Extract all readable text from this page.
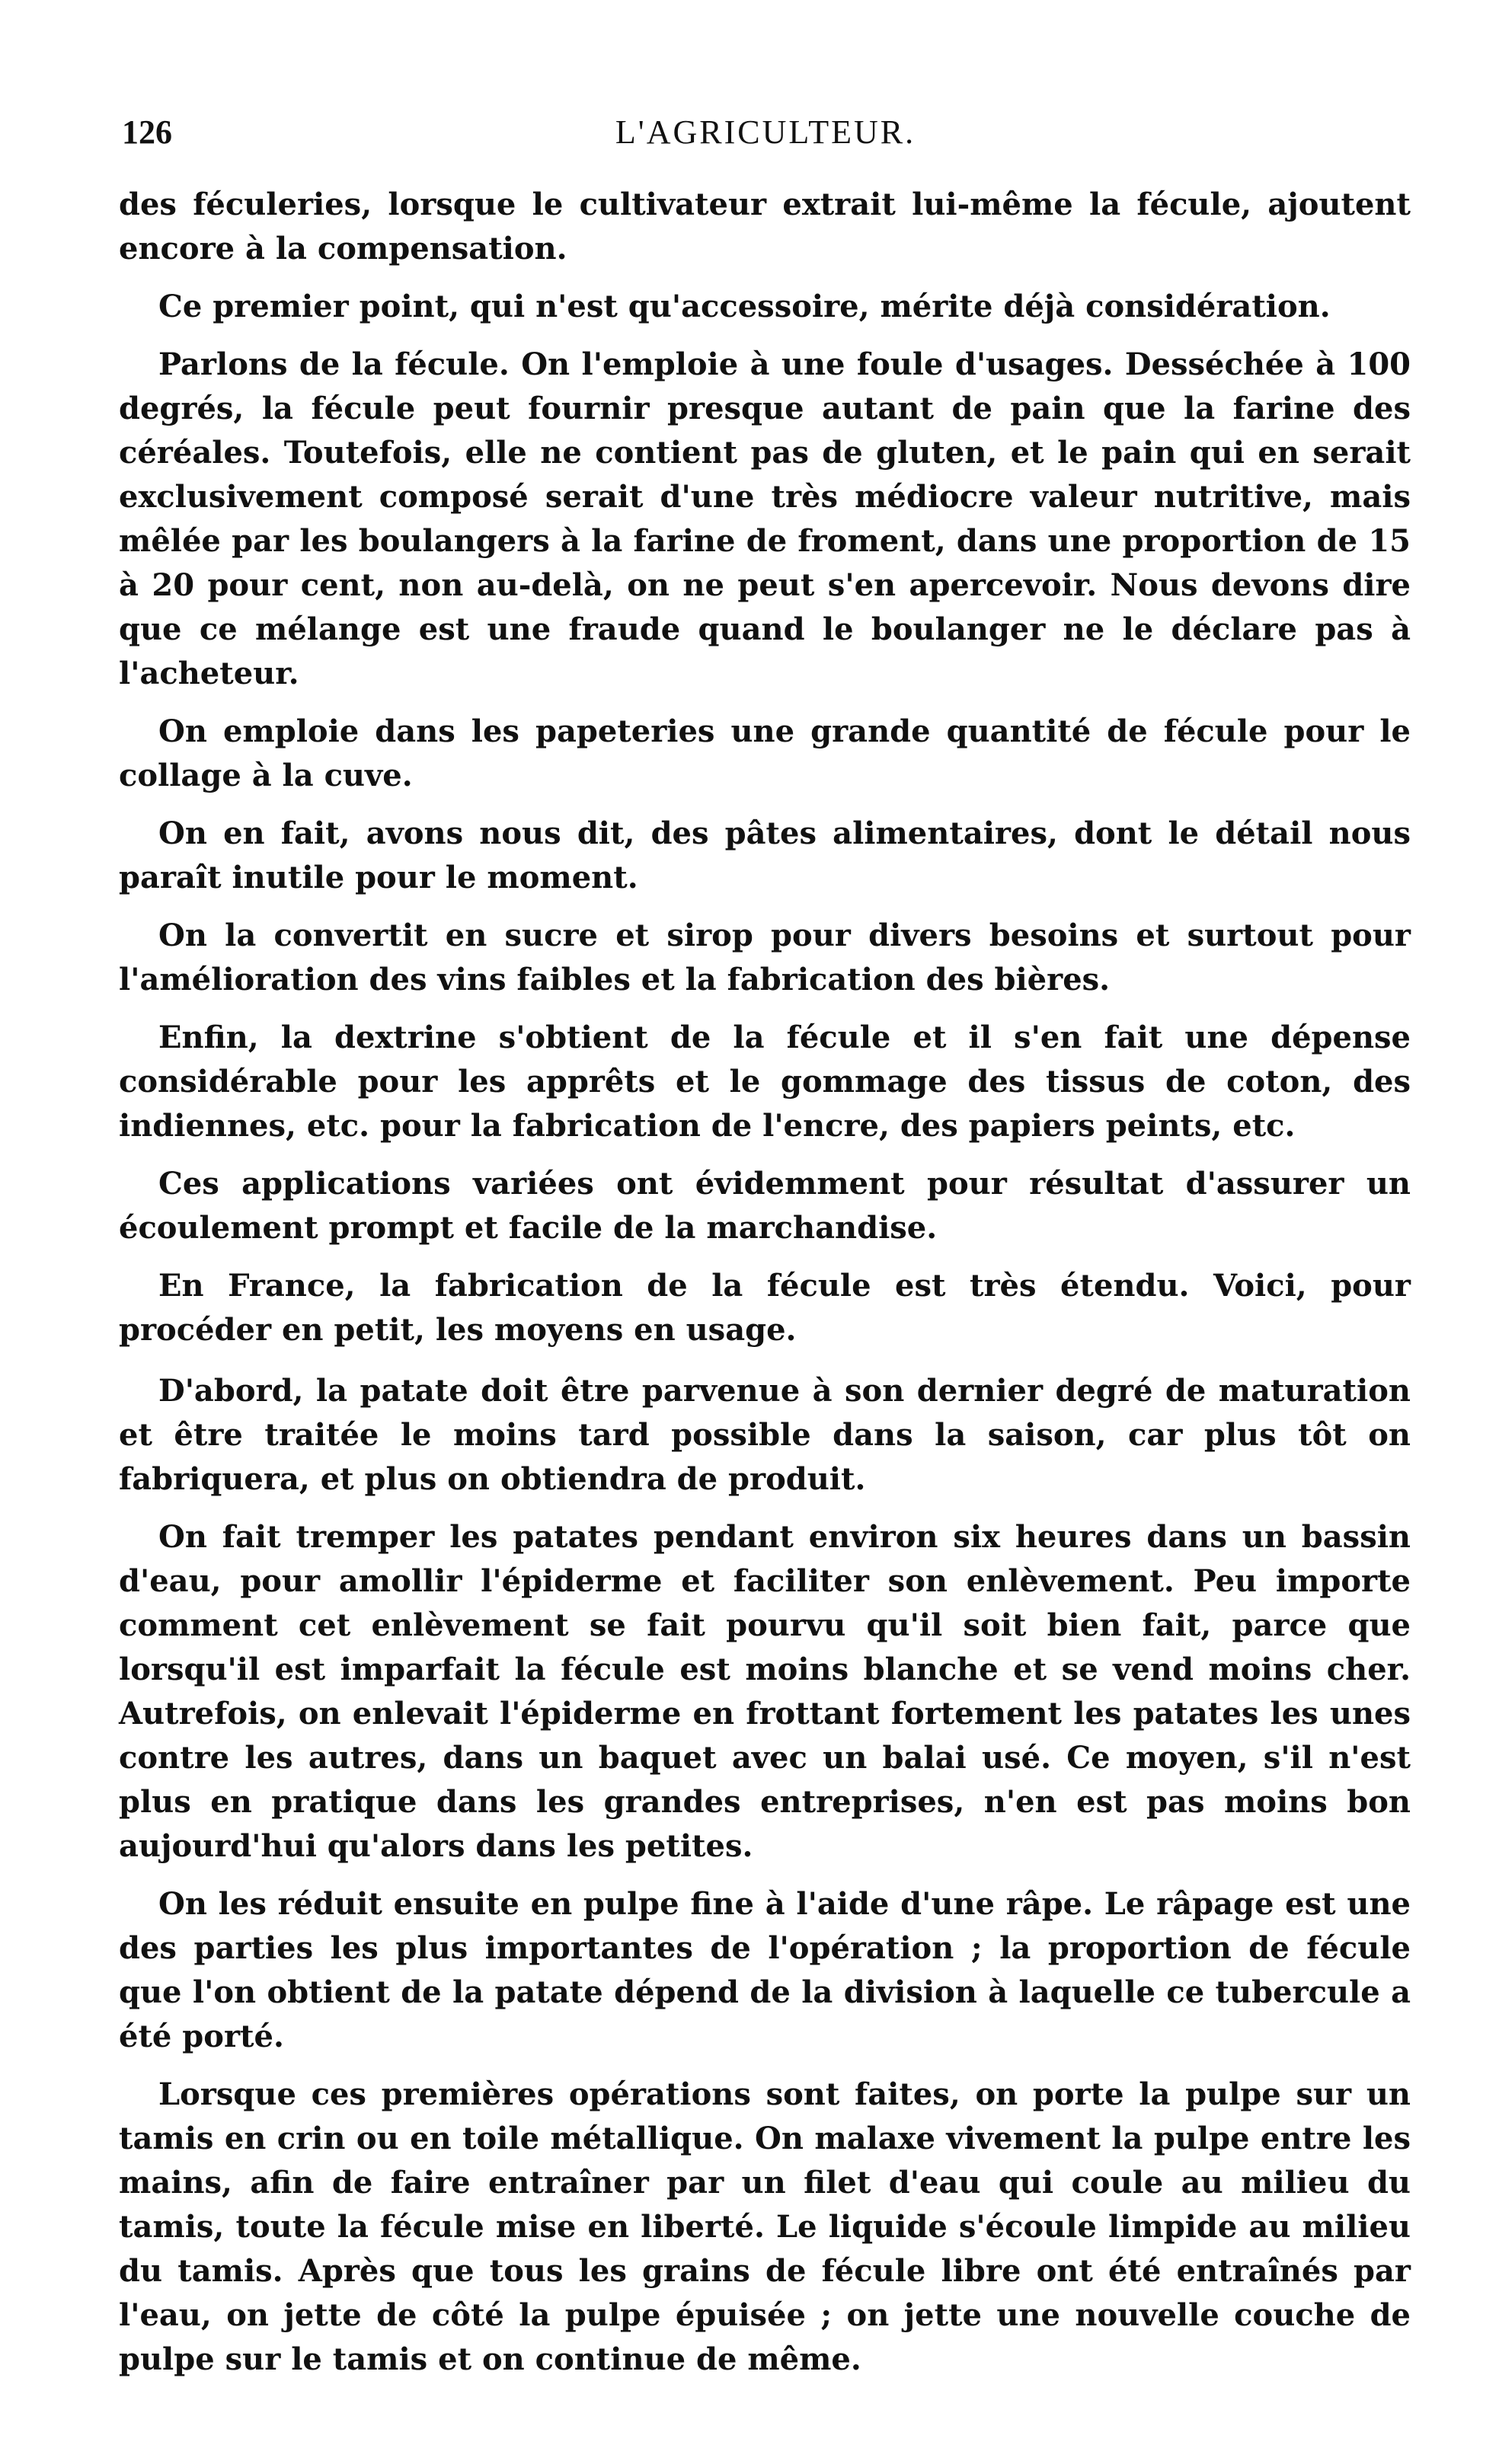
126	L'AGRICULTEUR.

des féculeries, lorsque le cultivateur extrait lui-même la fécule, ajoutent encore à la compensation.

Ce premier point, qui n'est qu'accessoire, mérite déjà considération.

Parlons de la fécule. On l'emploie à une foule d'usages. Desséchée à 100 degrés, la fécule peut fournir presque autant de pain que la farine des céréales. Toutefois, elle ne contient pas de gluten, et le pain qui en serait exclusivement composé serait d'une très médiocre valeur nutritive, mais mêlée par les boulangers à la farine de froment, dans une proportion de 15 à 20 pour cent, non au-delà, on ne peut s'en apercevoir. Nous devons dire que ce mélange est une fraude quand le boulanger ne le déclare pas à l'acheteur.

On emploie dans les papeteries une grande quantité de fécule pour le collage à la cuve.

On en fait, avons nous dit, des pâtes alimentaires, dont le détail nous paraît inutile pour le moment.

On la convertit en sucre et sirop pour divers besoins et surtout pour l'amélioration des vins faibles et la fabrication des bières.

Enfin, la dextrine s'obtient de la fécule et il s'en fait une dépense considérable pour les apprêts et le gommage des tissus de coton, des indiennes, etc. pour la fabrication de l'encre, des papiers peints, etc.

Ces applications variées ont évidemment pour résultat d'assurer un écoulement prompt et facile de la marchandise.

En France, la fabrication de la fécule est très étendu. Voici, pour procéder en petit, les moyens en usage.

D'abord, la patate doit être parvenue à son dernier degré de maturation et être traitée le moins tard possible dans la saison, car plus tôt on fabriquera, et plus on obtiendra de produit.

On fait tremper les patates pendant environ six heures dans un bassin d'eau, pour amollir l'épiderme et faciliter son enlèvement. Peu importe comment cet enlèvement se fait pourvu qu'il soit bien fait, parce que lorsqu'il est imparfait la fécule est moins blanche et se vend moins cher. Autrefois, on enlevait l'épiderme en frottant fortement les patates les unes contre les autres, dans un baquet avec un balai usé. Ce moyen, s'il n'est plus en pratique dans les grandes entreprises, n'en est pas moins bon aujourd'hui qu'alors dans les petites.

On les réduit ensuite en pulpe fine à l'aide d'une râpe. Le râpage est une des parties les plus importantes de l'opération ; la proportion de fécule que l'on obtient de la patate dépend de la division à laquelle ce tubercule a été porté.

Lorsque ces premières opérations sont faites, on porte la pulpe sur un tamis en crin ou en toile métallique. On malaxe vivement la pulpe entre les mains, afin de faire entraîner par un filet d'eau qui coule au milieu du tamis, toute la fécule mise en liberté. Le liquide s'écoule limpide au milieu du tamis. Après que tous les grains de fécule libre ont été entraînés par l'eau, on jette de côté la pulpe épuisée ; on jette une nouvelle couche de pulpe sur le tamis et on continue de même.
